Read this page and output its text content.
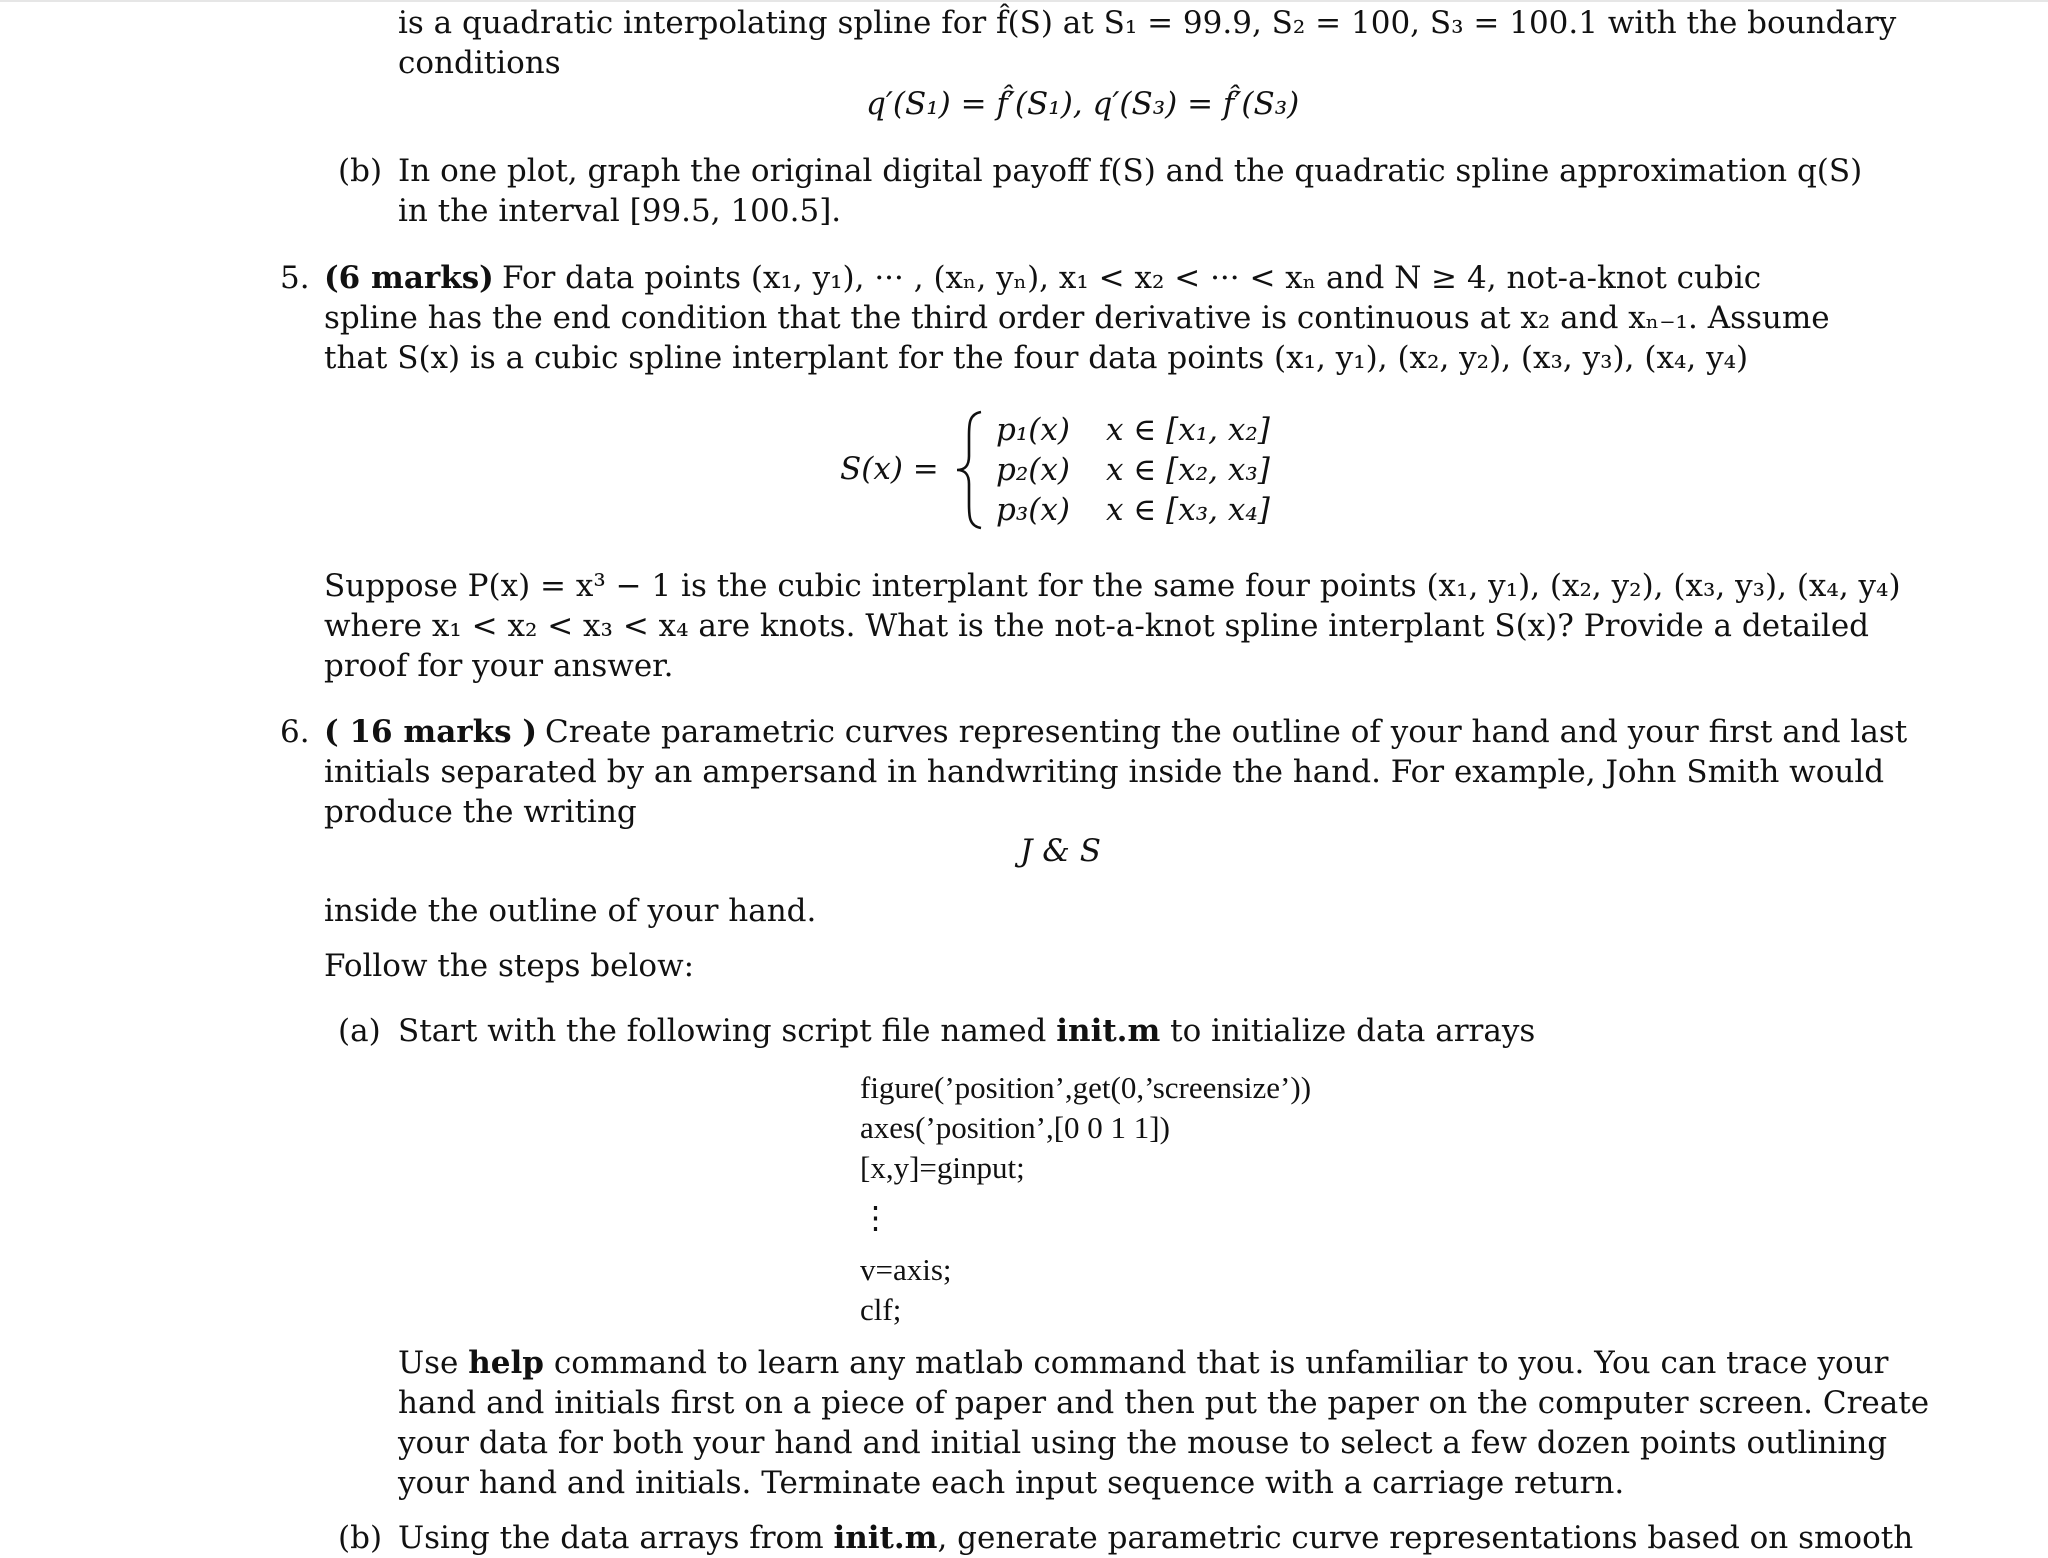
is a quadratic interpolating spline for f̂(S) at S₁ = 99.9, S₂ = 100, S₃ = 100.1 with the boundary
conditions
q′(S₁) = f̂′(S₁), q′(S₃) = f̂′(S₃)
(b) In one plot, graph the original digital payoff f(S) and the quadratic spline approximation q(S)
in the interval [99.5, 100.5].
5. (6 marks) For data points (x₁, y₁), ··· , (xₙ, yₙ), x₁ < x₂ < ··· < xₙ and N ≥ 4, not-a-knot cubic
spline has the end condition that the third order derivative is continuous at x₂ and xₙ₋₁. Assume
that S(x) is a cubic spline interplant for the four data points (x₁, y₁), (x₂, y₂), (x₃, y₃), (x₄, y₄)
S(x) =
p₁(x) x ∈ [x₁, x₂]
p₂(x) x ∈ [x₂, x₃]
p₃(x) x ∈ [x₃, x₄]
Suppose P(x) = x³ − 1 is the cubic interplant for the same four points (x₁, y₁), (x₂, y₂), (x₃, y₃), (x₄, y₄)
where x₁ < x₂ < x₃ < x₄ are knots. What is the not-a-knot spline interplant S(x)? Provide a detailed
proof for your answer.
6. ( 16 marks ) Create parametric curves representing the outline of your hand and your first and last
initials separated by an ampersand in handwriting inside the hand. For example, John Smith would
produce the writing
J & S
inside the outline of your hand.
Follow the steps below:
(a) Start with the following script file named init.m to initialize data arrays
figure(’position’,get(0,’screensize’))
axes(’position’,[0 0 1 1])
[x,y]=ginput;
⋮
v=axis;
clf;
Use help command to learn any matlab command that is unfamiliar to you. You can trace your
hand and initials first on a piece of paper and then put the paper on the computer screen. Create
your data for both your hand and initial using the mouse to select a few dozen points outlining
your hand and initials. Terminate each input sequence with a carriage return.
(b) Using the data arrays from init.m, generate parametric curve representations based on smooth
